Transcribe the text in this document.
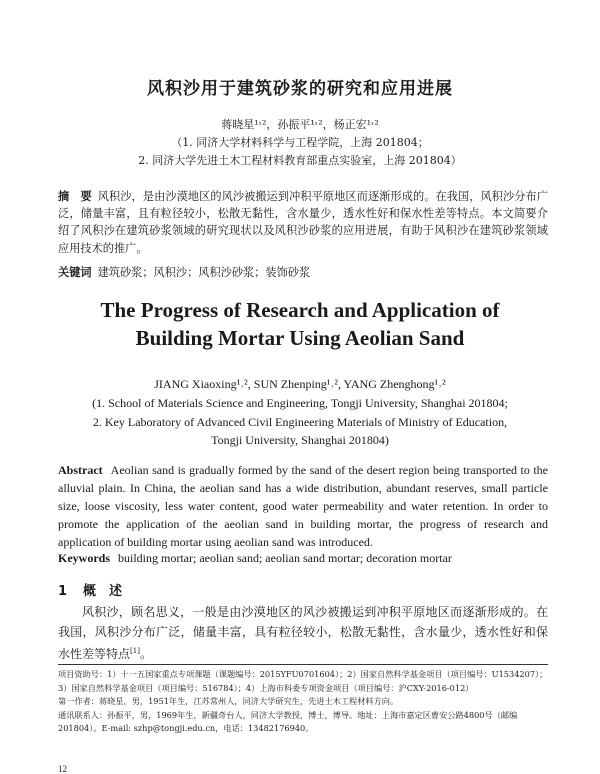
风积沙用于建筑砂浆的研究和应用进展
蒋晓星¹˒²，孙振平¹˒²，杨正宏¹˒²
（1. 同济大学材料科学与工程学院，上海 201804；
2. 同济大学先进土木工程材料教育部重点实验室，上海 201804）
摘　要 风积沙，是由沙漠地区的风沙被搬运到冲积平原地区而逐渐形成的。在我国，风积沙分布广泛，储量丰富，且有粒径较小，松散无黏性，含水量少，透水性好和保水性差等特点。本文简要介绍了风积沙在建筑砂浆领域的研究现状以及风积沙砂浆的应用进展，有助于风积沙在建筑砂浆领域应用技术的推广。
关键词 建筑砂浆；风积沙；风积沙砂浆；装饰砂浆
The Progress of Research and Application of
Building Mortar Using Aeolian Sand
JIANG Xiaoxing¹˒², SUN Zhenping¹˒², YANG Zhenghong¹˒²
(1. School of Materials Science and Engineering, Tongji University, Shanghai 201804;
2. Key Laboratory of Advanced Civil Engineering Materials of Ministry of Education,
Tongji University, Shanghai 201804)
Abstract Aeolian sand is gradually formed by the sand of the desert region being transported to the alluvial plain. In China, the aeolian sand has a wide distribution, abundant reserves, small particle size, loose viscosity, less water content, good water permeability and water retention. In order to promote the application of the aeolian sand in building mortar, the progress of research and application of building mortar using aeolian sand was introduced.
Keywords building mortar; aeolian sand; aeolian sand mortar; decoration mortar
1 概　述
风积沙，顾名思义，一般是由沙漠地区的风沙被搬运到冲积平原地区而逐渐形成的。在我国，风积沙分布广泛，储量丰富，具有粒径较小，松散无黏性，含水量少，透水性好和保水性差等特点[1]。

项目资助号：1）十一五国家重点专项课题（课题编号：2015YFU0701604）；2）国家自然科学基金项目（项目编号：U1534207）；3）国家自然科学基金项目（项目编号：516784）；4）上海市科委专项资金项目（项目编号：沪CXY-2016-012）

第一作者：蒋晓星，男，1951年生，江苏常州人，同济大学研究生，先进土木工程材料方向。

通讯联系人：孙振平，男，1969年生，新疆奇台人，同济大学教授，博士，博导。地址：上海市嘉定区曹安公路4800号（邮编201804）。E-mail: szhp@tongji.edu.cn，电话：13482176940。

12
